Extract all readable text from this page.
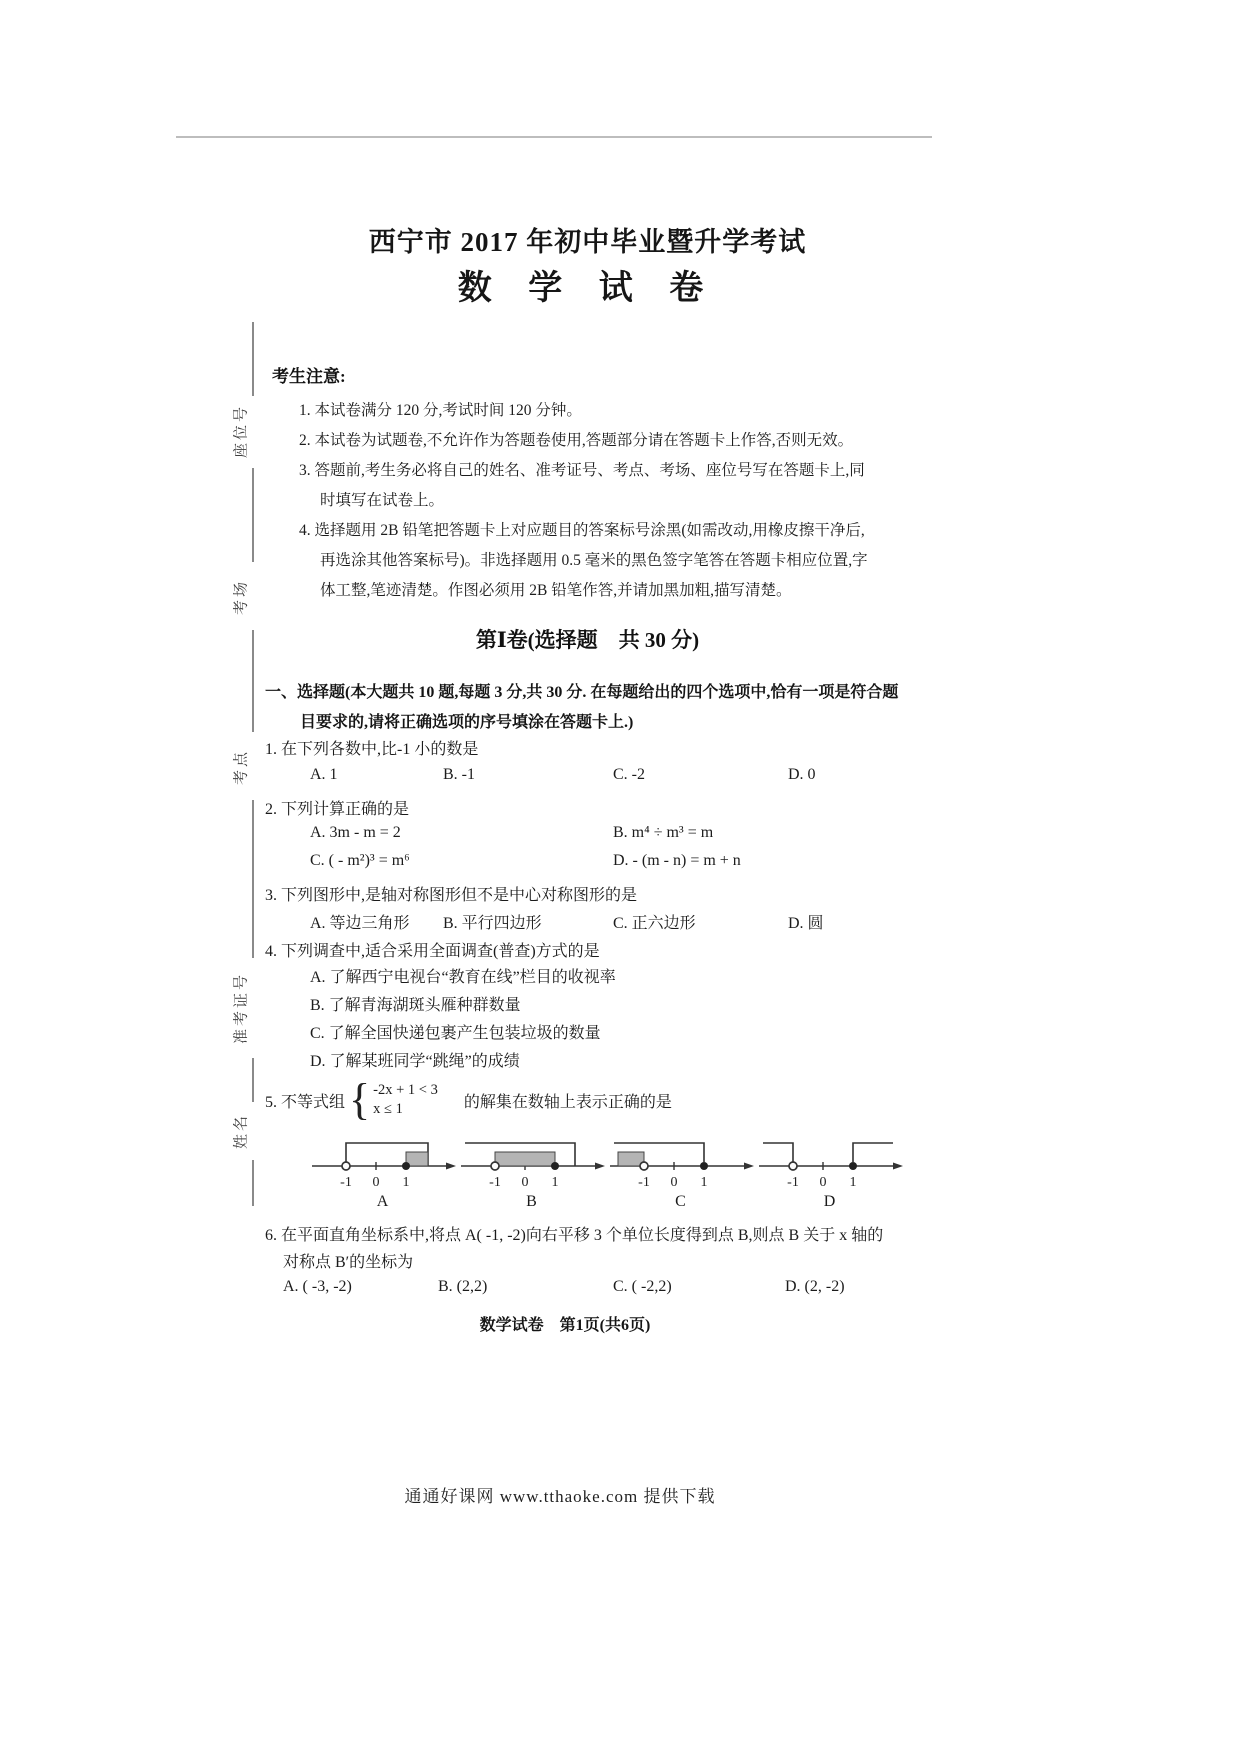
座位号
考场
考点
准考证号
姓名
西宁市 2017 年初中毕业暨升学考试
数 学 试 卷
考生注意:
1. 本试卷满分 120 分,考试时间 120 分钟。
2. 本试卷为试题卷,不允许作为答题卷使用,答题部分请在答题卡上作答,否则无效。
3. 答题前,考生务必将自己的姓名、准考证号、考点、考场、座位号写在答题卡上,同时填写在试卷上。
4. 选择题用 2B 铅笔把答题卡上对应题目的答案标号涂黑(如需改动,用橡皮擦干净后,再选涂其他答案标号)。非选择题用 0.5 毫米的黑色签字笔答在答题卡相应位置,字体工整,笔迹清楚。作图必须用 2B 铅笔作答,并请加黑加粗,描写清楚。
第Ⅰ卷(选择题　共 30 分)
一、选择题(本大题共 10 题,每题 3 分,共 30 分. 在每题给出的四个选项中,恰有一项是符合题
目要求的,请将正确选项的序号填涂在答题卡上.)
1. 在下列各数中,比-1 小的数是
A. 1	B. -1	C. -2	D. 0
2. 下列计算正确的是
A. 3m - m = 2	B. m⁴ ÷ m³ = m
C. ( - m²)³ = m⁶	D. - (m - n) = m + n
3. 下列图形中,是轴对称图形但不是中心对称图形的是
A. 等边三角形	B. 平行四边形	C. 正六边形	D. 圆
4. 下列调查中,适合采用全面调查(普查)方式的是
A. 了解西宁电视台“教育在线”栏目的收视率
B. 了解青海湖斑头雁种群数量
C. 了解全国快递包裹产生包装垃圾的数量
D. 了解某班同学“跳绳”的成绩
5. 不等式组 { -2x + 1 < 3
x ≤ 1	的解集在数轴上表示正确的是
-1 0 1
A
-1 0 1
B
-1 0 1
C
-1 0 1
D
6. 在平面直角坐标系中,将点 A( -1, -2)向右平移 3 个单位长度得到点 B,则点 B 关于 x 轴的
对称点 B′的坐标为
A. ( -3, -2)	B. (2,2)	C. ( -2,2)	D. (2, -2)
数学试卷　第1页(共6页)
通通好课网 www.tthaoke.com 提供下载
